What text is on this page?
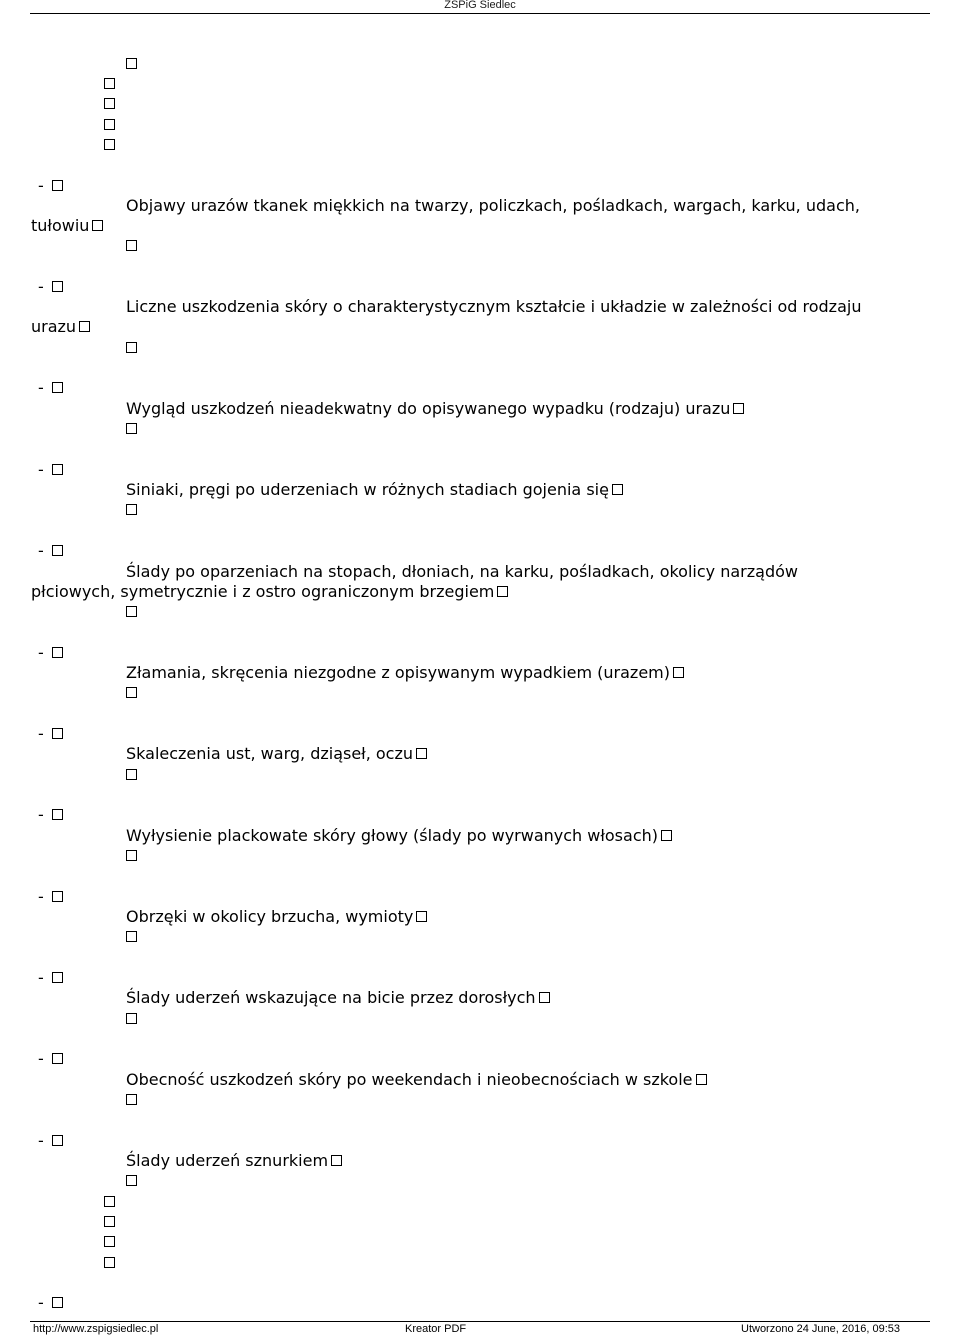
ZSPiG Siedlec
-
Objawy urazów tkanek miękkich na twarzy, policzkach, pośladkach, wargach, karku, udach,
tułowiu
-
Liczne uszkodzenia skóry o charakterystycznym kształcie i układzie w zależności od rodzaju
urazu
-
Wygląd uszkodzeń nieadekwatny do opisywanego wypadku (rodzaju) urazu
-
Siniaki, pręgi po uderzeniach w różnych stadiach gojenia się
-
Ślady po oparzeniach na stopach, dłoniach, na karku, pośladkach, okolicy narządów
płciowych, symetrycznie i z ostro ograniczonym brzegiem
-
Złamania, skręcenia niezgodne z opisywanym wypadkiem (urazem)
-
Skaleczenia ust, warg, dziąseł, oczu
-
Wyłysienie plackowate skóry głowy (ślady po wyrwanych włosach)
-
Obrzęki w okolicy brzucha, wymioty
-
Ślady uderzeń wskazujące na bicie przez dorosłych
-
Obecność uszkodzeń skóry po weekendach i nieobecnościach w szkole
-
Ślady uderzeń sznurkiem
-
http://www.zspigsiedlec.pl	Kreator PDF	Utworzono 24 June, 2016, 09:53
